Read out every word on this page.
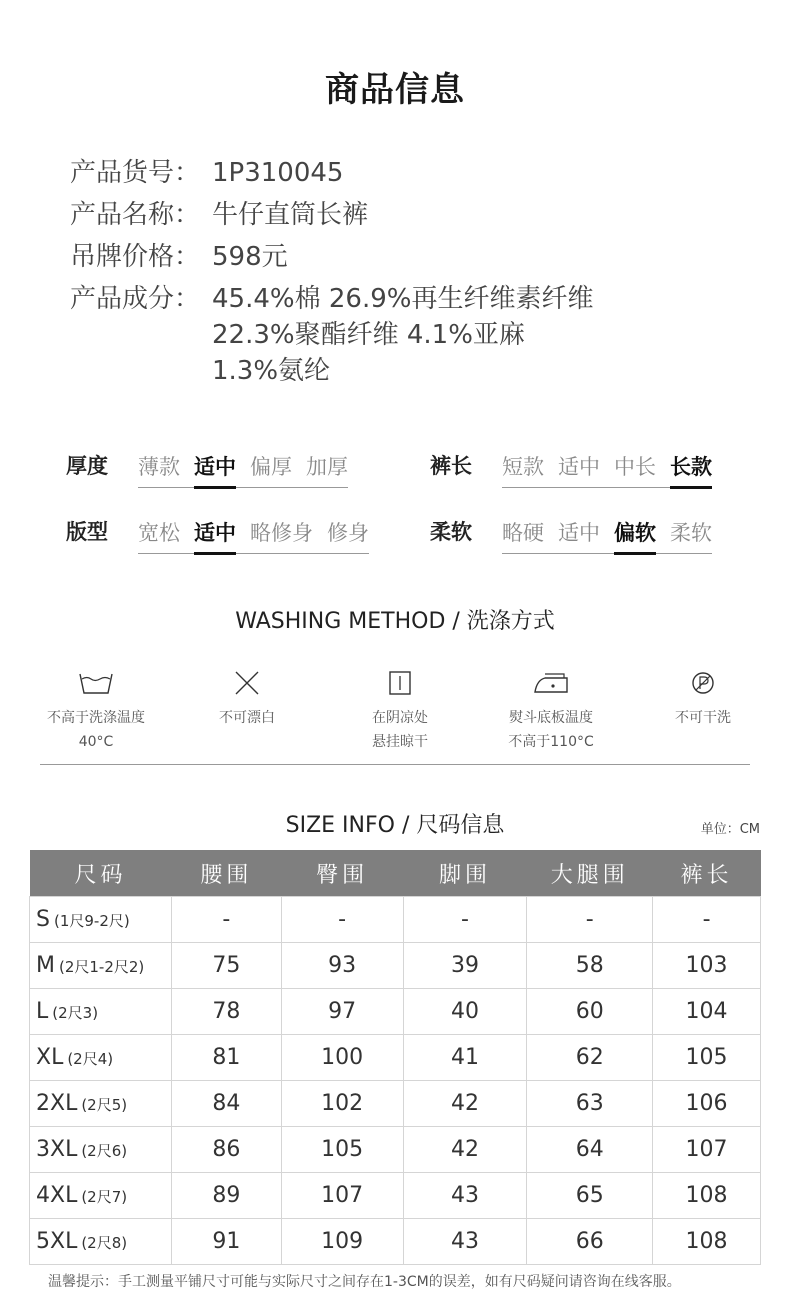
商品信息
产品货号： 1P310045
产品名称： 牛仔直筒长裤
吊牌价格： 598元
产品成分： 45.4%棉 26.9%再生纤维素纤维
22.3%聚酯纤维 4.1%亚麻
1.3%氨纶
厚度	薄款 适中 偏厚 加厚	裤长	短款 适中 中长 长款
版型	宽松 适中 略修身 修身	柔软	略硬 适中 偏软 柔软
WASHING METHOD / 洗涤方式
不高于洗涤温度
40°C
不可漂白	在阴凉处
悬挂晾干
熨斗底板温度
不高于110°C
不可干洗
SIZE INFO / 尺码信息	单位：CM
尺码	腰围	臀围	脚围	大腿围	裤长
S (1尺9-2尺)	-	-	-	-	-
M (2尺1-2尺2)	75	93	39	58	103
L (2尺3)	78	97	40	60	104
XL (2尺4)	81	100	41	62	105
2XL (2尺5)	84	102	42	63	106
3XL (2尺6)	86	105	42	64	107
4XL (2尺7)	89	107	43	65	108
5XL (2尺8)	91	109	43	66	108
温馨提示：手工测量平铺尺寸可能与实际尺寸之间存在1-3CM的误差，如有尺码疑问请咨询在线客服。
